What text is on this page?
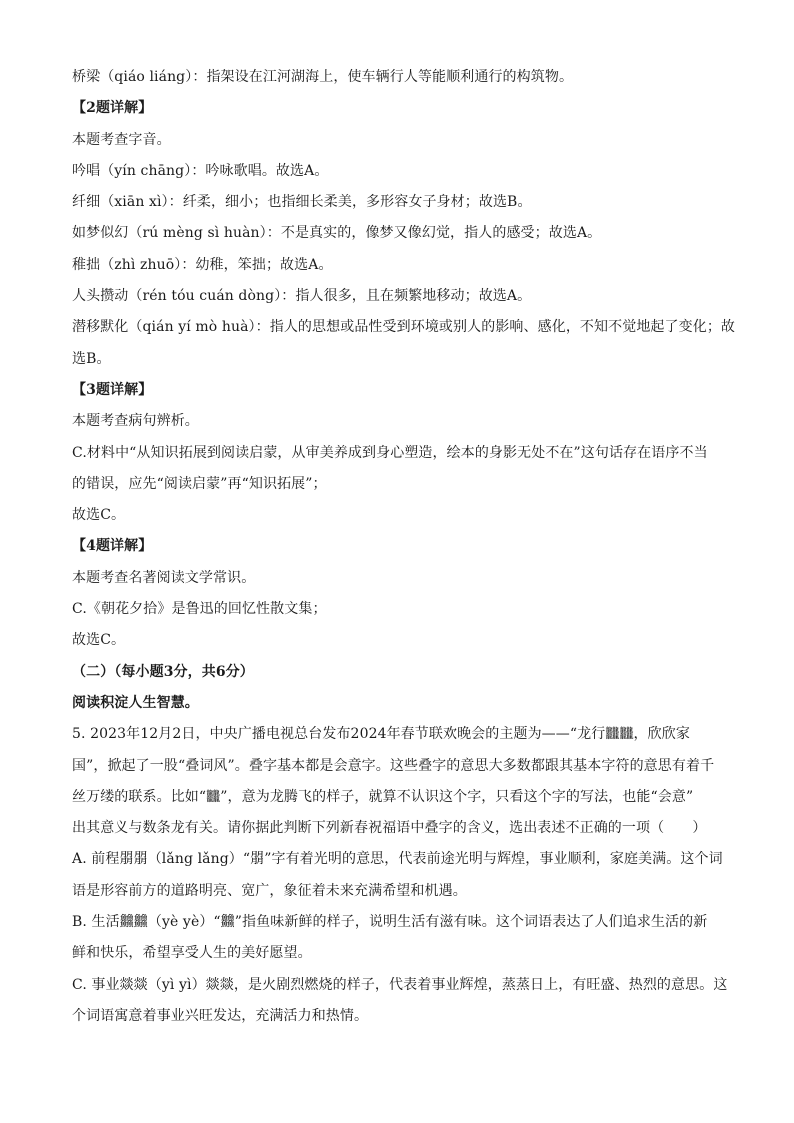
桥梁（qiáo liáng）：指架设在江河湖海上，使车辆行人等能顺利通行的构筑物。
【2题详解】
本题考查字音。
吟唱（yín chāng）：吟咏歌唱。故选A。
纤细（xiān xì）：纤柔，细小；也指细长柔美，多形容女子身材；故选B。
如梦似幻（rú mèng sì huàn）：不是真实的，像梦又像幻觉，指人的感受；故选A。
稚拙（zhì zhuō）：幼稚，笨拙；故选A。
人头攒动（rén tóu cuán dòng）：指人很多，且在频繁地移动；故选A。
潜移默化（qián yí mò huà）：指人的思想或品性受到环境或别人的影响、感化，不知不觉地起了变化；故
选B。
【3题详解】
本题考查病句辨析。
C.材料中“从知识拓展到阅读启蒙，从审美养成到身心塑造，绘本的身影无处不在”这句话存在语序不当
的错误，应先“阅读启蒙”再“知识拓展”；
故选C。
【4题详解】
本题考查名著阅读文学常识。
C.《朝花夕拾》是鲁迅的回忆性散文集；
故选C。
（二）（每小题3分，共6分）
阅读积淀人生智慧。
5. 2023年12月2日，中央广播电视总台发布2024年春节联欢晚会的主题为——“龙行𪚥𪚥，欣欣家
国”，掀起了一股“叠词风”。叠字基本都是会意字。这些叠字的意思大多数都跟其基本字符的意思有着千
丝万缕的联系。比如“𪚥”，意为龙腾飞的样子，就算不认识这个字，只看这个字的写法，也能“会意”
出其意义与数条龙有关。请你据此判断下列新春祝福语中叠字的含义，选出表述不正确的一项（　　）
A. 前程朤朤（lǎng lǎng）“朤”字有着光明的意思，代表前途光明与辉煌，事业顺利，家庭美满。这个词
语是形容前方的道路明亮、宽广，象征着未来充满希望和机遇。
B. 生活䲜䲜（yè yè）“䲜”指鱼味新鲜的样子，说明生活有滋有味。这个词语表达了人们追求生活的新
鲜和快乐，希望享受人生的美好愿望。
C. 事业燚燚（yì yì）燚燚，是火剧烈燃烧的样子，代表着事业辉煌，蒸蒸日上，有旺盛、热烈的意思。这
个词语寓意着事业兴旺发达，充满活力和热情。
